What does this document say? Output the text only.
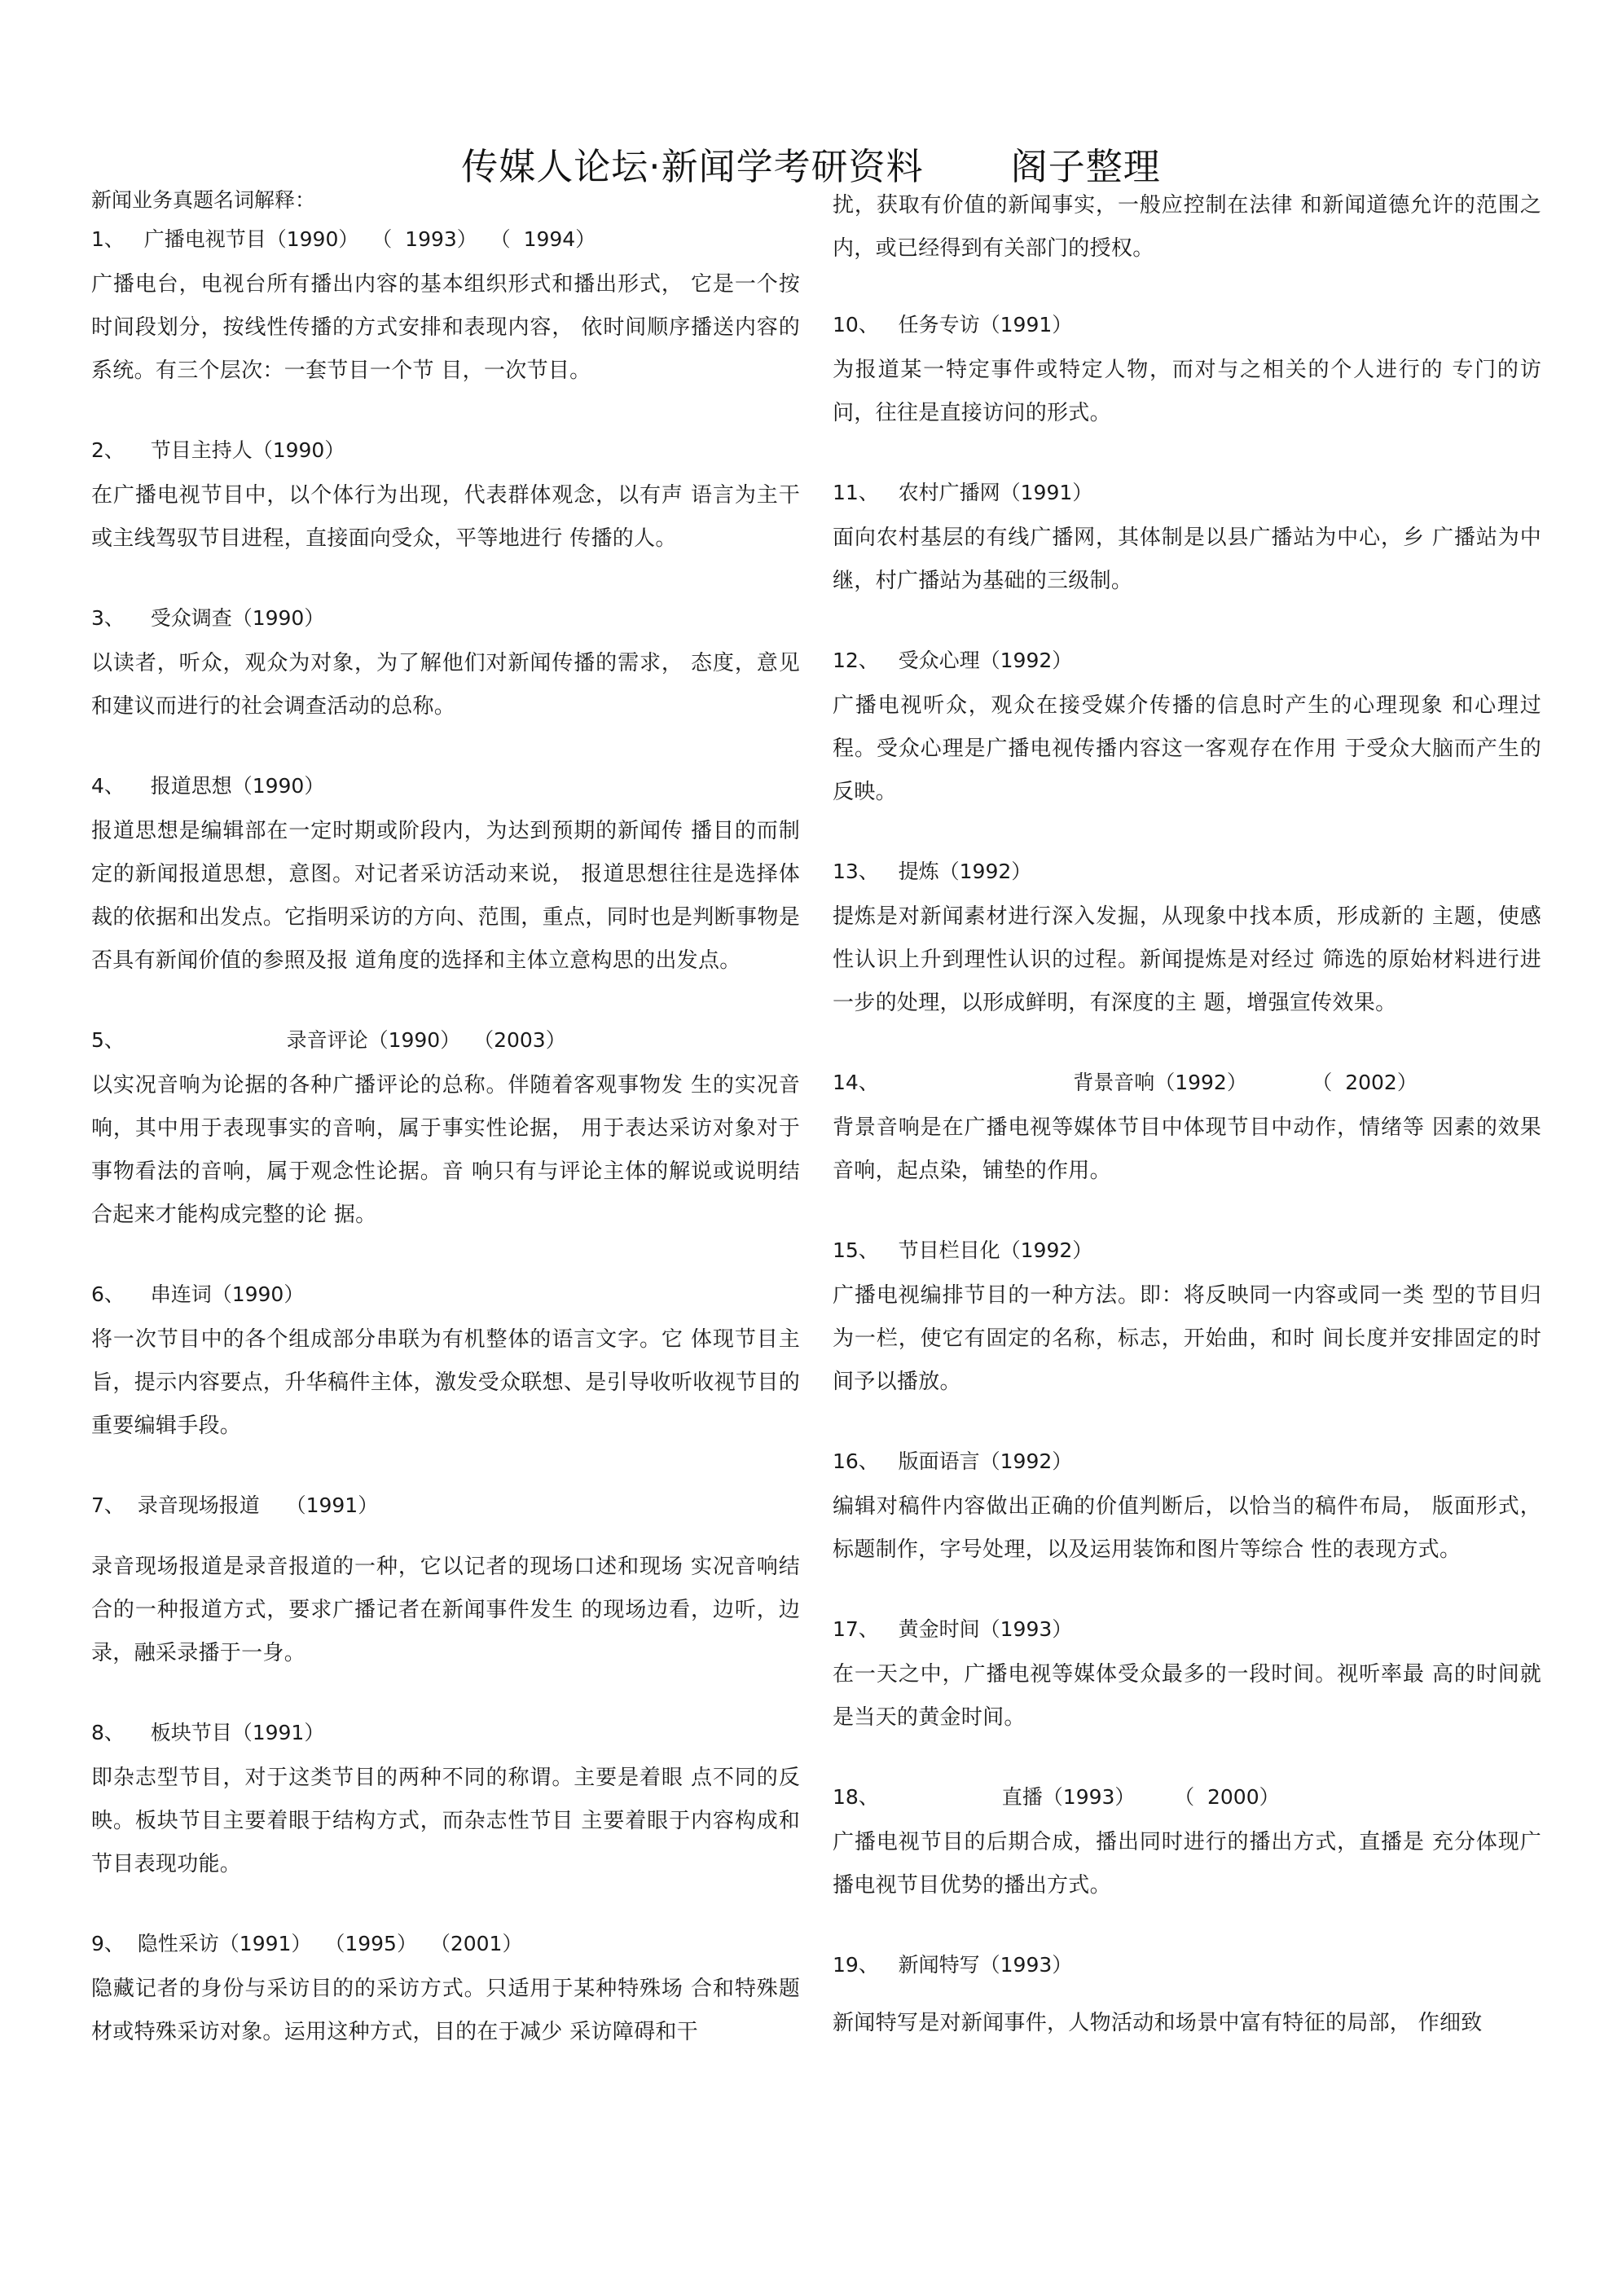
传媒人论坛·新闻学考研资料       阁子整理
新闻业务真题名词解释：
1、   广播电视节目（1990）  （  1993）  （  1994）

广播电台，电视台所有播出内容的基本组织形式和播出形式， 它是一个按时间段划分，按线性传播的方式安排和表现内容， 依时间顺序播送内容的系统。有三个层次：一套节目一个节 目，一次节目。

2、    节目主持人（1990）

在广播电视节目中，以个体行为出现，代表群体观念，以有声 语言为主干或主线驾驭节目进程，直接面向受众，平等地进行 传播的人。

3、    受众调查（1990）

以读者，听众，观众为对象，为了解他们对新闻传播的需求， 态度，意见和建议而进行的社会调查活动的总称。

4、    报道思想（1990）

报道思想是编辑部在一定时期或阶段内，为达到预期的新闻传 播目的而制定的新闻报道思想，意图。对记者采访活动来说， 报道思想往往是选择体裁的依据和出发点。它指明采访的方向、范围，重点，同时也是判断事物是否具有新闻价值的参照及报 道角度的选择和主体立意构思的出发点。

5、                         录音评论（1990）  （2003）

以实况音响为论据的各种广播评论的总称。伴随着客观事物发 生的实况音响，其中用于表现事实的音响，属于事实性论据， 用于表达采访对象对于事物看法的音响，属于观念性论据。音 响只有与评论主体的解说或说明结合起来才能构成完整的论 据。

6、    串连词（1990）

将一次节目中的各个组成部分串联为有机整体的语言文字。它 体现节目主旨，提示内容要点，升华稿件主体，激发受众联想、是引导收听收视节目的重要编辑手段。

7、  录音现场报道    （1991）

录音现场报道是录音报道的一种，它以记者的现场口述和现场 实况音响结合的一种报道方式，要求广播记者在新闻事件发生 的现场边看，边听，边录，融采录播于一身。

8、    板块节目（1991）

即杂志型节目，对于这类节目的两种不同的称谓。主要是着眼 点不同的反映。板块节目主要着眼于结构方式，而杂志性节目 主要着眼于内容构成和节目表现功能。

9、  隐性采访（1991）  （1995）  （2001）

隐藏记者的身份与采访目的的采访方式。只适用于某种特殊场 合和特殊题材或特殊采访对象。运用这种方式，目的在于减少 采访障碍和干

扰，获取有价值的新闻事实，一般应控制在法律 和新闻道德允许的范围之内，或已经得到有关部门的授权。

10、   任务专访（1991）

为报道某一特定事件或特定人物，而对与之相关的个人进行的 专门的访问，往往是直接访问的形式。

11、   农村广播网（1991）

面向农村基层的有线广播网，其体制是以县广播站为中心，乡 广播站为中继，村广播站为基础的三级制。

12、   受众心理（1992）

广播电视听众，观众在接受媒介传播的信息时产生的心理现象 和心理过程。受众心理是广播电视传播内容这一客观存在作用 于受众大脑而产生的反映。

13、   提炼（1992）

提炼是对新闻素材进行深入发掘，从现象中找本质，形成新的 主题，使感性认识上升到理性认识的过程。新闻提炼是对经过 筛选的原始材料进行进一步的处理，以形成鲜明，有深度的主 题，增强宣传效果。

14、                              背景音响（1992）          （  2002）

背景音响是在广播电视等媒体节目中体现节目中动作，情绪等 因素的效果音响，起点染，铺垫的作用。

15、   节目栏目化（1992）

广播电视编排节目的一种方法。即：将反映同一内容或同一类 型的节目归为一栏，使它有固定的名称，标志，开始曲，和时 间长度并安排固定的时间予以播放。

16、   版面语言（1992）

编辑对稿件内容做出正确的价值判断后，以恰当的稿件布局， 版面形式，标题制作，字号处理，以及运用装饰和图片等综合 性的表现方式。

17、   黄金时间（1993）

在一天之中，广播电视等媒体受众最多的一段时间。视听率最 高的时间就是当天的黄金时间。

18、                   直播（1993）      （  2000）

广播电视节目的后期合成，播出同时进行的播出方式，直播是 充分体现广播电视节目优势的播出方式。

19、   新闻特写（1993）

新闻特写是对新闻事件，人物活动和场景中富有特征的局部， 作细致
